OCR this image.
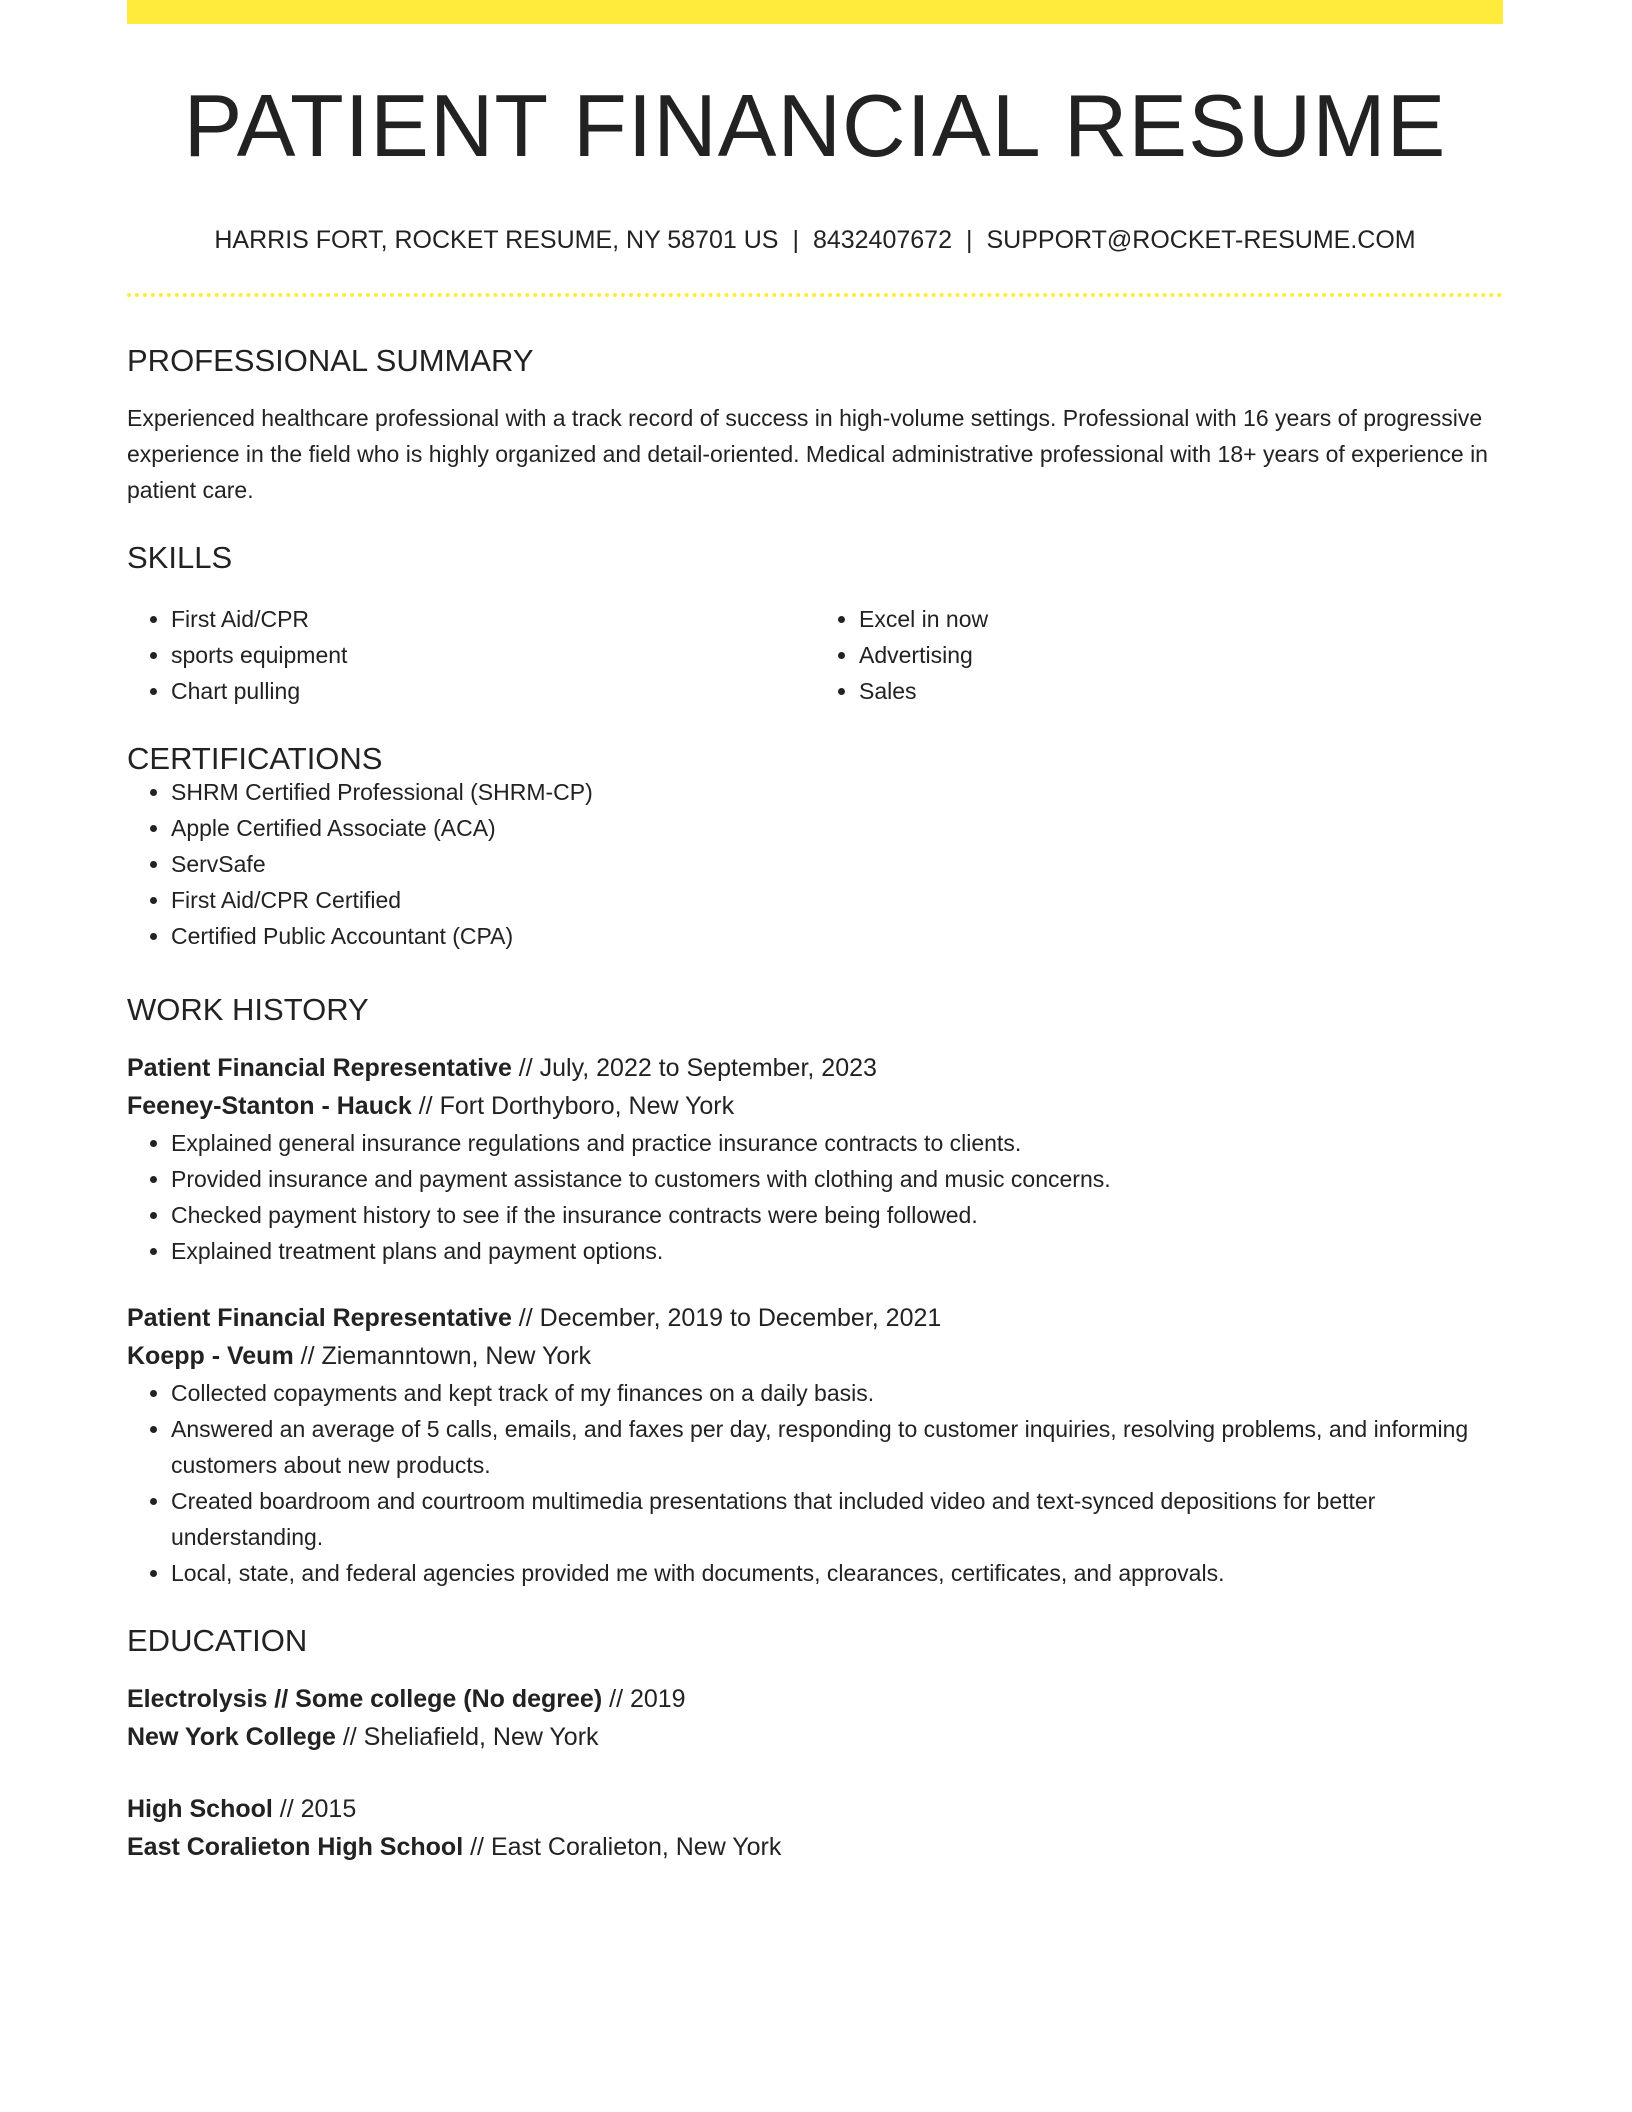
PATIENT FINANCIAL RESUME
HARRIS FORT, ROCKET RESUME, NY 58701 US | 8432407672 | SUPPORT@ROCKET-RESUME.COM
PROFESSIONAL SUMMARY

Experienced healthcare professional with a track record of success in high-volume settings. Professional with 16 years of progressive experience in the field who is highly organized and detail-oriented. Medical administrative professional with 18+ years of experience in patient care.

SKILLS
• First Aid/CPR
• sports equipment
• Chart pulling
• Excel in now
• Advertising
• Sales
CERTIFICATIONS
• SHRM Certified Professional (SHRM-CP)
• Apple Certified Associate (ACA)
• ServSafe
• First Aid/CPR Certified
• Certified Public Accountant (CPA)
WORK HISTORY
Patient Financial Representative // July, 2022 to September, 2023
Feeney-Stanton - Hauck // Fort Dorthyboro, New York
• Explained general insurance regulations and practice insurance contracts to clients.
• Provided insurance and payment assistance to customers with clothing and music concerns.
• Checked payment history to see if the insurance contracts were being followed.
• Explained treatment plans and payment options.
Patient Financial Representative // December, 2019 to December, 2021
Koepp - Veum // Ziemanntown, New York
• Collected copayments and kept track of my finances on a daily basis.
• Answered an average of 5 calls, emails, and faxes per day, responding to customer inquiries, resolving problems, and informing customers about new products.
• Created boardroom and courtroom multimedia presentations that included video and text-synced depositions for better understanding.
• Local, state, and federal agencies provided me with documents, clearances, certificates, and approvals.
EDUCATION
Electrolysis // Some college (No degree) // 2019
New York College // Sheliafield, New York
High School // 2015
East Coralieton High School // East Coralieton, New York
